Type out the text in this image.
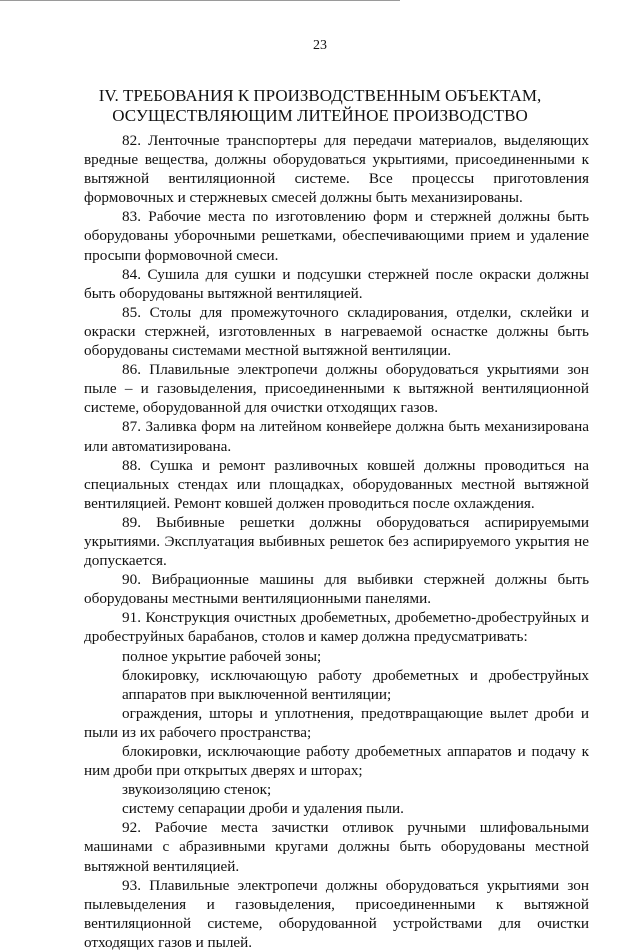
23
IV. ТРЕБОВАНИЯ К ПРОИЗВОДСТВЕННЫМ ОБЪЕКТАМ,
ОСУЩЕСТВЛЯЮЩИМ ЛИТЕЙНОЕ ПРОИЗВОДСТВО

82. Ленточные транспортеры для передачи материалов, выделяющих вредные вещества, должны оборудоваться укрытиями, присоединенными к вытяжной вентиляционной системе. Все процессы приготовления формовочных и стержневых смесей должны быть механизированы.

83. Рабочие места по изготовлению форм и стержней должны быть оборудованы уборочными решетками, обеспечивающими прием и удаление просыпи формовочной смеси.

84. Сушила для сушки и подсушки стержней после окраски должны быть оборудованы вытяжной вентиляцией.

85. Столы для промежуточного складирования, отделки, склейки и окраски стержней, изготовленных в нагреваемой оснастке должны быть оборудованы системами местной вытяжной вентиляции.

86. Плавильные электропечи должны оборудоваться укрытиями зон пыле – и газовыделения, присоединенными к вытяжной вентиляционной системе, оборудованной для очистки отходящих газов.

87. Заливка форм на литейном конвейере должна быть механизирована или автоматизирована.

88. Сушка и ремонт разливочных ковшей должны проводиться на специальных стендах или площадках, оборудованных местной вытяжной вентиляцией. Ремонт ковшей должен проводиться после охлаждения.

89. Выбивные решетки должны оборудоваться аспирируемыми укрытиями. Эксплуатация выбивных решеток без аспирируемого укрытия не допускается.

90. Вибрационные машины для выбивки стержней должны быть оборудованы местными вентиляционными панелями.

91. Конструкция очистных дробеметных, дробеметно-дробеструйных и дробеструйных барабанов, столов и камер должна предусматривать:

полное укрытие рабочей зоны;

блокировку, исключающую работу дробеметных и дробеструйных аппаратов при выключенной вентиляции;

ограждения, шторы и уплотнения, предотвращающие вылет дроби и пыли из их рабочего пространства;

блокировки, исключающие работу дробеметных аппаратов и подачу к ним дроби при открытых дверях и шторах;

звукоизоляцию стенок;

систему сепарации дроби и удаления пыли.

92. Рабочие места зачистки отливок ручными шлифовальными машинами с абразивными кругами должны быть оборудованы местной вытяжной вентиляцией.

93. Плавильные электропечи должны оборудоваться укрытиями зон пылевыделения и газовыделения, присоединенными к вытяжной вентиляционной системе, оборудованной устройствами для очистки отходящих газов и пылей.
